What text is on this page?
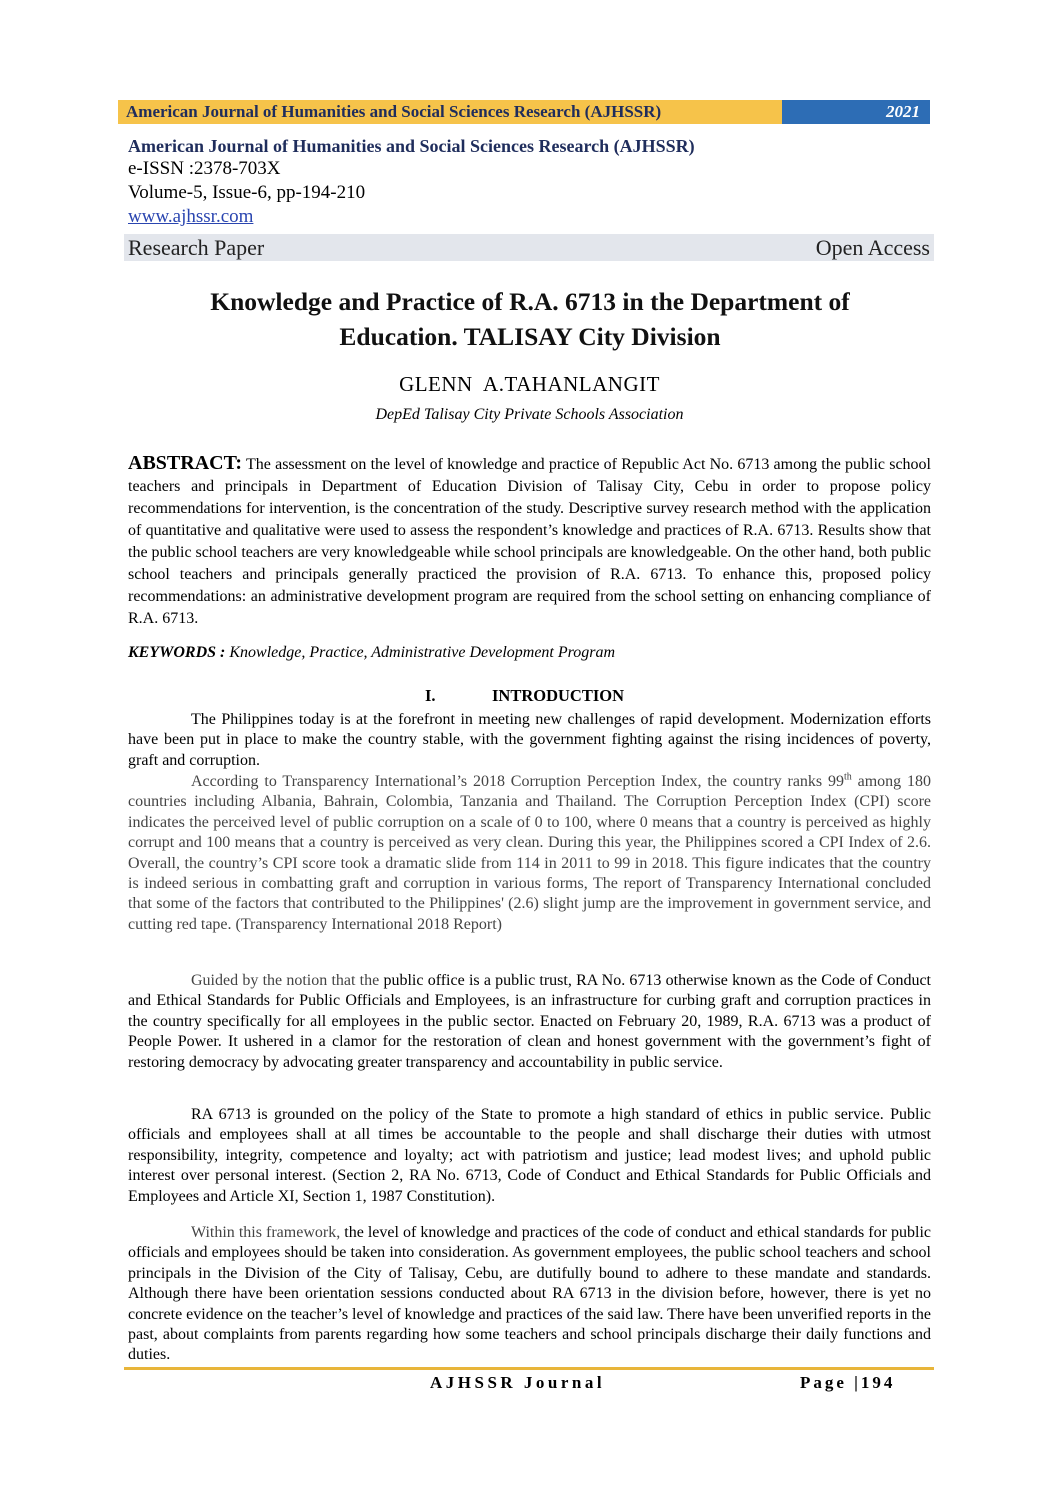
American Journal of Humanities and Social Sciences Research (AJHSSR)	2021
American Journal of Humanities and Social Sciences Research (AJHSSR)
e-ISSN :2378-703X
Volume-5, Issue-6, pp-194-210
www.ajhssr.com
Research Paper	Open Access
Knowledge and Practice of R.A. 6713 in the Department of
Education. TALISAY City Division
GLENN  A.TAHANLANGIT
DepEd Talisay City Private Schools Association

ABSTRACT: The assessment on the level of knowledge and practice of Republic Act No. 6713 among the public school teachers and principals in Department of Education Division of Talisay City, Cebu in order to propose policy recommendations for intervention, is the concentration of the study. Descriptive survey research method with the application of quantitative and qualitative were used to assess the respondent’s knowledge and practices of R.A. 6713. Results show that the public school teachers are very knowledgeable while school principals are knowledgeable. On the other hand, both public school teachers and principals generally practiced the provision of R.A. 6713. To enhance this, proposed policy recommendations: an administrative development program are required from the school setting on enhancing compliance of R.A. 6713.

KEYWORDS : Knowledge, Practice, Administrative Development Program

I.	INTRODUCTION

The Philippines today is at the forefront in meeting new challenges of rapid development. Modernization efforts have been put in place to make the country stable, with the government fighting against the rising incidences of poverty, graft and corruption.

According to Transparency International’s 2018 Corruption Perception Index, the country ranks 99th among 180 countries including Albania, Bahrain, Colombia, Tanzania and Thailand. The Corruption Perception Index (CPI) score indicates the perceived level of public corruption on a scale of 0 to 100, where 0 means that a country is perceived as highly corrupt and 100 means that a country is perceived as very clean. During this year, the Philippines scored a CPI Index of 2.6. Overall, the country’s CPI score took a dramatic slide from 114 in 2011 to 99 in 2018. This figure indicates that the country is indeed serious in combatting graft and corruption in various forms, The report of Transparency International concluded that some of the factors that contributed to the Philippines' (2.6) slight jump are the improvement in government service, and cutting red tape. (Transparency International 2018 Report)

Guided by the notion that the public office is a public trust, RA No. 6713 otherwise known as the Code of Conduct and Ethical Standards for Public Officials and Employees, is an infrastructure for curbing graft and corruption practices in the country specifically for all employees in the public sector. Enacted on February 20, 1989, R.A. 6713 was a product of People Power. It ushered in a clamor for the restoration of clean and honest government with the government’s fight of restoring democracy by advocating greater transparency and accountability in public service.

RA 6713 is grounded on the policy of the State to promote a high standard of ethics in public service. Public officials and employees shall at all times be accountable to the people and shall discharge their duties with utmost responsibility, integrity, competence and loyalty; act with patriotism and justice; lead modest lives; and uphold public interest over personal interest. (Section 2, RA No. 6713, Code of Conduct and Ethical Standards for Public Officials and Employees and Article XI, Section 1, 1987 Constitution).

Within this framework, the level of knowledge and practices of the code of conduct and ethical standards for public officials and employees should be taken into consideration. As government employees, the public school teachers and school principals in the Division of the City of Talisay, Cebu, are dutifully bound to adhere to these mandate and standards. Although there have been orientation sessions conducted about RA 6713 in the division before, however, there is yet no concrete evidence on the teacher’s level of knowledge and practices of the said law. There have been unverified reports in the past, about complaints from parents regarding how some teachers and school principals discharge their daily functions and duties.

AJHSSR Journal	Page |194
